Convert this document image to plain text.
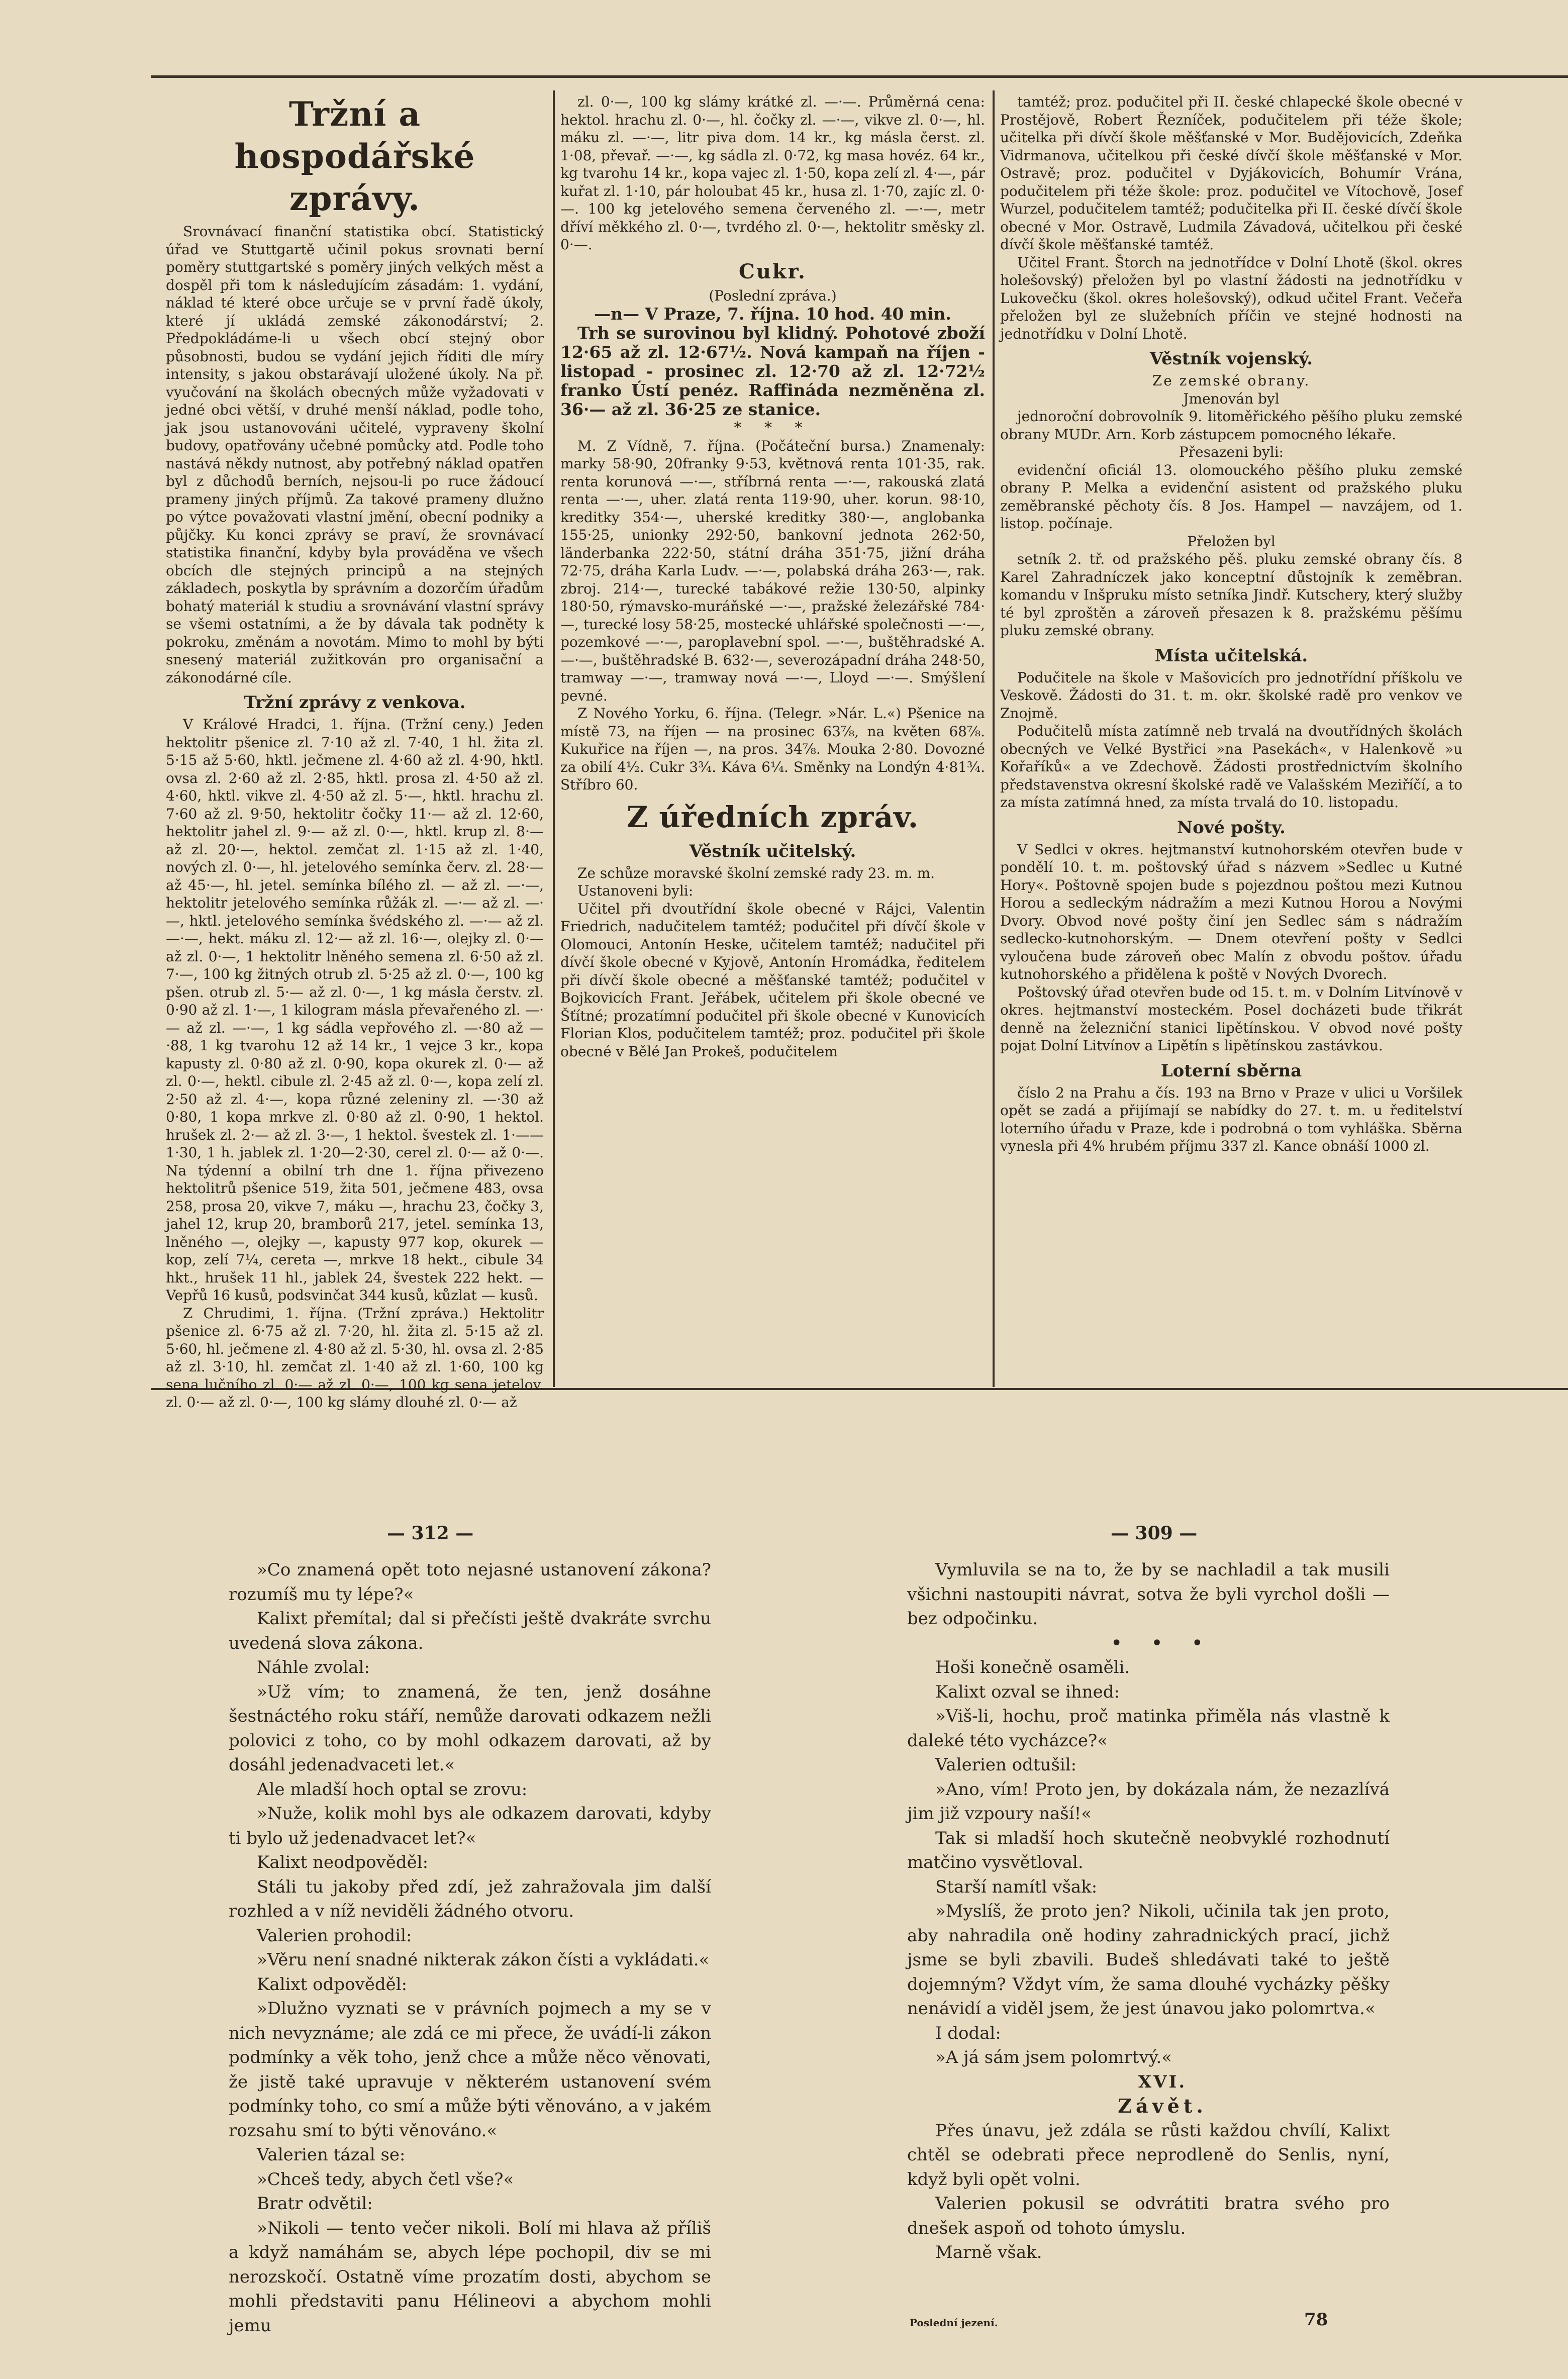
Tržní a hospodářské zprávy.

Srovnávací finanční statistika obcí. Statistický úřad ve Stuttgartě učinil pokus srovnati berní poměry stuttgartské s poměry jiných velkých měst a dospěl při tom k následujícím zásadám: 1. vydání, náklad té které obce určuje se v první řadě úkoly, které jí ukládá zemské zákonodárství; 2. Předpokládáme-li u všech obcí stejný obor působnosti, budou se vydání jejich říditi dle míry intensity, s jakou obstarávají uložené úkoly. Na př. vyučování na školách obecných může vyžadovati v jedné obci větší, v druhé menší náklad, podle toho, jak jsou ustanovováni učitelé, vypraveny školní budovy, opatřovány učebné pomůcky atd. Podle toho nastává někdy nutnost, aby potřebný náklad opatřen byl z důchodů berních, nejsou-li po ruce žádoucí prameny jiných příjmů. Za takové prameny dlužno po výtce považovati vlastní jmění, obecní podniky a půjčky. Ku konci zprávy se praví, že srovnávací statistika finanční, kdyby byla prováděna ve všech obcích dle stejných principů a na stejných základech, poskytla by správním a dozorčím úřadům bohatý materiál k studiu a srovnávání vlastní správy se všemi ostatními, a že by dávala tak podněty k pokroku, změnám a novotám. Mimo to mohl by býti snesený materiál zužitkován pro organisační a zákonodárné cíle.

Tržní zprávy z venkova.

V Králové Hradci, 1. října. (Tržní ceny.) Jeden hektolitr pšenice zl. 7·10 až zl. 7·40, 1 hl. žita zl. 5·15 až 5·60, hktl. ječmene zl. 4·60 až zl. 4·90, hktl. ovsa zl. 2·60 až zl. 2·85, hktl. prosa zl. 4·50 až zl. 4·60, hktl. vikve zl. 4·50 až zl. 5·—, hktl. hrachu zl. 7·60 až zl. 9·50, hektolitr čočky 11·— až zl. 12·60, hektolitr jahel zl. 9·— až zl. 0·—, hktl. krup zl. 8·— až zl. 20·—, hektol. zemčat zl. 1·15 až zl. 1·40, nových zl. 0·—, hl. jetelového semínka červ. zl. 28·— až 45·—, hl. jetel. semínka bílého zl. — až zl. —·—, hektolitr jetelového semínka růžák zl. —·— až zl. —·—, hktl. jetelového semínka švédského zl. —·— až zl. —·—, hekt. máku zl. 12·— až zl. 16·—, olejky zl. 0·— až zl. 0·—, 1 hektolitr lněného semena zl. 6·50 až zl. 7·—, 100 kg žitných otrub zl. 5·25 až zl. 0·—, 100 kg pšen. otrub zl. 5·— až zl. 0·—, 1 kg másla čerstv. zl. 0·90 až zl. 1·—, 1 kilogram másla převařeného zl. —·— až zl. —·—, 1 kg sádla vepřového zl. —·80 až —·88, 1 kg tvarohu 12 až 14 kr., 1 vejce 3 kr., kopa kapusty zl. 0·80 až zl. 0·90, kopa okurek zl. 0·— až zl. 0·—, hektl. cibule zl. 2·45 až zl. 0·—, kopa zelí zl. 2·50 až zl. 4·—, kopa různé zeleniny zl. —·30 až 0·80, 1 kopa mrkve zl. 0·80 až zl. 0·90, 1 hektol. hrušek zl. 2·— až zl. 3·—, 1 hektol. švestek zl. 1·——1·30, 1 h. jablek zl. 1·20—2·30, cerel zl. 0·— až 0·—. Na týdenní a obilní trh dne 1. října přivezeno hektolitrů pšenice 519, žita 501, ječmene 483, ovsa 258, prosa 20, vikve 7, máku —, hrachu 23, čočky 3, jahel 12, krup 20, bramborů 217, jetel. semínka 13, lněného —, olejky —, kapusty 977 kop, okurek — kop, zelí 7¼, cereta —, mrkve 18 hekt., cibule 34 hkt., hrušek 11 hl., jablek 24, švestek 222 hekt. — Vepřů 16 kusů, podsvinčat 344 kusů, kůzlat — kusů.

Z Chrudimi, 1. října. (Tržní zpráva.) Hektolitr pšenice zl. 6·75 až zl. 7·20, hl. žita zl. 5·15 až zl. 5·60, hl. ječmene zl. 4·80 až zl. 5·30, hl. ovsa zl. 2·85 až zl. 3·10, hl. zemčat zl. 1·40 až zl. 1·60, 100 kg sena lučního zl. 0·— až zl. 0·—, 100 kg sena jetelov. zl. 0·— až zl. 0·—, 100 kg slámy dlouhé zl. 0·— až

zl. 0·—, 100 kg slámy krátké zl. —·—. Průměrná cena: hektol. hrachu zl. 0·—, hl. čočky zl. —·—, vikve zl. 0·—, hl. máku zl. —·—, litr piva dom. 14 kr., kg másla čerst. zl. 1·08, převař. —·—, kg sádla zl. 0·72, kg masa hovéz. 64 kr., kg tvarohu 14 kr., kopa vajec zl. 1·50, kopa zelí zl. 4·—, pár kuřat zl. 1·10, pár holoubat 45 kr., husa zl. 1·70, zajíc zl. 0·—. 100 kg jetelového semena červeného zl. —·—, metr dříví měkkého zl. 0·—, tvrdého zl. 0·—, hektolitr směsky zl. 0·—.

Cukr.

(Poslední zpráva.)

—n— V Praze, 7. října. 10 hod. 40 min.

Trh se surovinou byl klidný. Pohotové zboží 12·65 až zl. 12·67½. Nová kampaň na říjen - listopad - prosinec zl. 12·70 až zl. 12·72½ franko Ústí penéz. Raffináda nezměněna zl. 36·— až zl. 36·25 ze stanice.

* * *

M. Z Vídně, 7. října. (Počáteční bursa.) Znamenaly: marky 58·90, 20franky 9·53, květnová renta 101·35, rak. renta korunová —·—, stříbrná renta —·—, rakouská zlatá renta —·—, uher. zlatá renta 119·90, uher. korun. 98·10, kreditky 354·—, uherské kreditky 380·—, anglobanka 155·25, unionky 292·50, bankovní jednota 262·50, länderbanka 222·50, státní dráha 351·75, jižní dráha 72·75, dráha Karla Ludv. —·—, polabská dráha 263·—, rak. zbroj. 214·—, turecké tabákové režie 130·50, alpinky 180·50, rýmavsko-muráňské —·—, pražské železářské 784·—, turecké losy 58·25, mostecké uhlářské společnosti —·—, pozemkové —·—, paroplavební spol. —·—, buštěhradské A. —·—, buštěhradské B. 632·—, severozápadní dráha 248·50, tramway —·—, tramway nová —·—, Lloyd —·—. Smýšlení pevné.

Z Nového Yorku, 6. října. (Telegr. »Nár. L.«) Pšenice na místě 73, na říjen — na prosinec 63⅞, na květen 68⅞. Kukuřice na říjen —, na pros. 34⅞. Mouka 2·80. Dovozné za obilí 4½. Cukr 3¾. Káva 6¼. Směnky na Londýn 4·81¾. Stříbro 60.

Z úředních zpráv.

Věstník učitelský.

Ze schůze moravské školní zemské rady 23. m. m.

Ustanoveni byli:

Učitel při dvoutřídní škole obecné v Rájci, Valentin Friedrich, nadučitelem tamtéž; podučitel při dívčí škole v Olomouci, Antonín Heske, učitelem tamtéž; nadučitel při dívčí škole obecné v Kyjově, Antonín Hromádka, ředitelem při dívčí škole obecné a měšťanské tamtéž; podučitel v Bojkovicích Frant. Jeřábek, učitelem při škole obecné ve Šťítné; prozatímní podučitel při škole obecné v Kunovicích Florian Klos, podučitelem tamtéž; proz. podučitel při škole obecné v Bělé Jan Prokeš, podučitelem

tamtéž; proz. podučitel při II. české chlapecké škole obecné v Prostějově, Robert Řezníček, podučitelem při téže škole; učitelka při dívčí škole měšťanské v Mor. Budějovicích, Zdeňka Vidrmanova, učitelkou při české dívčí škole měšťanské v Mor. Ostravě; proz. podučitel v Dyjákovicích, Bohumír Vrána, podučitelem při téže škole: proz. podučitel ve Vítochově, Josef Wurzel, podučitelem tamtéž; podučitelka při II. české dívčí škole obecné v Mor. Ostravě, Ludmila Závadová, učitelkou při české dívčí škole měšťanské tamtéž.

Učitel Frant. Štorch na jednotřídce v Dolní Lhotě (škol. okres holešovský) přeložen byl po vlastní žádosti na jednotřídku v Lukovečku (škol. okres holešovský), odkud učitel Frant. Večeřa přeložen byl ze služebních příčin ve stejné hodnosti na jednotřídku v Dolní Lhotě.

Věstník vojenský.

Ze zemské obrany.

Jmenován byl

jednoroční dobrovolník 9. litoměřického pěšího pluku zemské obrany MUDr. Arn. Korb zástupcem pomocného lékaře.

Přesazeni byli:

evidenční oficiál 13. olomouckého pěšího pluku zemské obrany P. Melka a evidenční asistent od pražského pluku zeměbranské pěchoty čís. 8 Jos. Hampel — navzájem, od 1. listop. počínaje.

Přeložen byl

setník 2. tř. od pražského pěš. pluku zemské obrany čís. 8 Karel Zahradníczek jako konceptní důstojník k zeměbran. komandu v Inšpruku místo setníka Jindř. Kutschery, který služby té byl zproštěn a zároveň přesazen k 8. pražskému pěšímu pluku zemské obrany.

Místa učitelská.

Podučitele na škole v Mašovicích pro jednotřídní příškolu ve Veskově. Žádosti do 31. t. m. okr. školské radě pro venkov ve Znojmě.

Podučitelů místa zatímně neb trvalá na dvoutřídných školách obecných ve Velké Bystřici »na Pasekách«, v Halenkově »u Kořaříků« a ve Zdechově. Žádosti prostřednictvím školního představenstva okresní školské radě ve Valašském Meziříčí, a to za místa zatímná hned, za místa trvalá do 10. listopadu.

Nové pošty.

V Sedlci v okres. hejtmanství kutnohorském otevřen bude v pondělí 10. t. m. poštovský úřad s názvem »Sedlec u Kutné Hory«. Poštovně spojen bude s pojezdnou poštou mezi Kutnou Horou a sedleckým nádražím a mezi Kutnou Horou a Novými Dvory. Obvod nové pošty činí jen Sedlec sám s nádražím sedlecko-kutnohorským. — Dnem otevření pošty v Sedlci vyloučena bude zároveň obec Malín z obvodu poštov. úřadu kutnohorského a přidělena k poště v Nových Dvorech.

Poštovský úřad otevřen bude od 15. t. m. v Dolním Litvínově v okres. hejtmanství mosteckém. Posel docházeti bude třikrát denně na železniční stanici lipětínskou. V obvod nové pošty pojat Dolní Litvínov a Lipětín s lipětínskou zastávkou.

Loterní sběrna

číslo 2 na Prahu a čís. 193 na Brno v Praze v ulici u Voršilek opět se zadá a přijímají se nabídky do 27. t. m. u ředitelství loterního úřadu v Praze, kde i podrobná o tom vyhláška. Sběrna vynesla při 4% hrubém příjmu 337 zl. Kance obnáší 1000 zl.

— 312 —

»Co znamená opět toto nejasné ustanovení zákona? rozumíš mu ty lépe?«

Kalixt přemítal; dal si přečísti ještě dvakráte svrchu uvedená slova zákona.

Náhle zvolal:

»Už vím; to znamená, že ten, jenž dosáhne šestnáctého roku stáří, nemůže darovati odkazem nežli polovici z toho, co by mohl odkazem darovati, až by dosáhl jedenadvaceti let.«

Ale mladší hoch optal se zrovu:

»Nuže, kolik mohl bys ale odkazem darovati, kdyby ti bylo už jedenadvacet let?«

Kalixt neodpověděl:

Stáli tu jakoby před zdí, jež zahražovala jim další rozhled a v níž neviděli žádného otvoru.

Valerien prohodil:

»Věru není snadné nikterak zákon čísti a vykládati.«

Kalixt odpověděl:

»Dlužno vyznati se v právních pojmech a my se v nich nevyznáme; ale zdá ce mi přece, že uvádí-li zákon podmínky a věk toho, jenž chce a může něco věnovati, že jistě také upravuje v některém ustanovení svém podmínky toho, co smí a může býti věnováno, a v jakém rozsahu smí to býti věnováno.«

Valerien tázal se:

»Chceš tedy, abych četl vše?«

Bratr odvětil:

»Nikoli — tento večer nikoli. Bolí mi hlava až příliš a když namáhám se, abych lépe pochopil, div se mi nerozskočí. Ostatně víme prozatím dosti, abychom se mohli představiti panu Hélineovi a abychom mohli jemu

— 309 —

Vymluvila se na to, že by se nachladil a tak musili všichni nastoupiti návrat, sotva že byli vyrchol došli — bez odpočinku.

• • •

Hoši konečně osaměli.

Kalixt ozval se ihned:

»Viš-li, hochu, proč matinka přiměla nás vlastně k daleké této vycházce?«

Valerien odtušil:

»Ano, vím! Proto jen, by dokázala nám, že nezazlívá jim již vzpoury naší!«

Tak si mladší hoch skutečně neobvyklé rozhodnutí matčino vysvětloval.

Starší namítl však:

»Myslíš, že proto jen? Nikoli, učinila tak jen proto, aby nahradila oně hodiny zahradnických prací, jichž jsme se byli zbavili. Budeš shledávati také to ještě dojemným? Vždyt vím, že sama dlouhé vycházky pěšky nenávidí a viděl jsem, že jest únavou jako polomrtva.«

I dodal:

»A já sám jsem polomrtvý.«

XVI.

Závět.

Přes únavu, jež zdála se růsti každou chvílí, Kalixt chtěl se odebrati přece neprodleně do Senlis, nyní, když byli opět volni.

Valerien pokusil se odvrátiti bratra svého pro dnešek aspoň od tohoto úmyslu.

Marně však.

Poslední jezení.	78
